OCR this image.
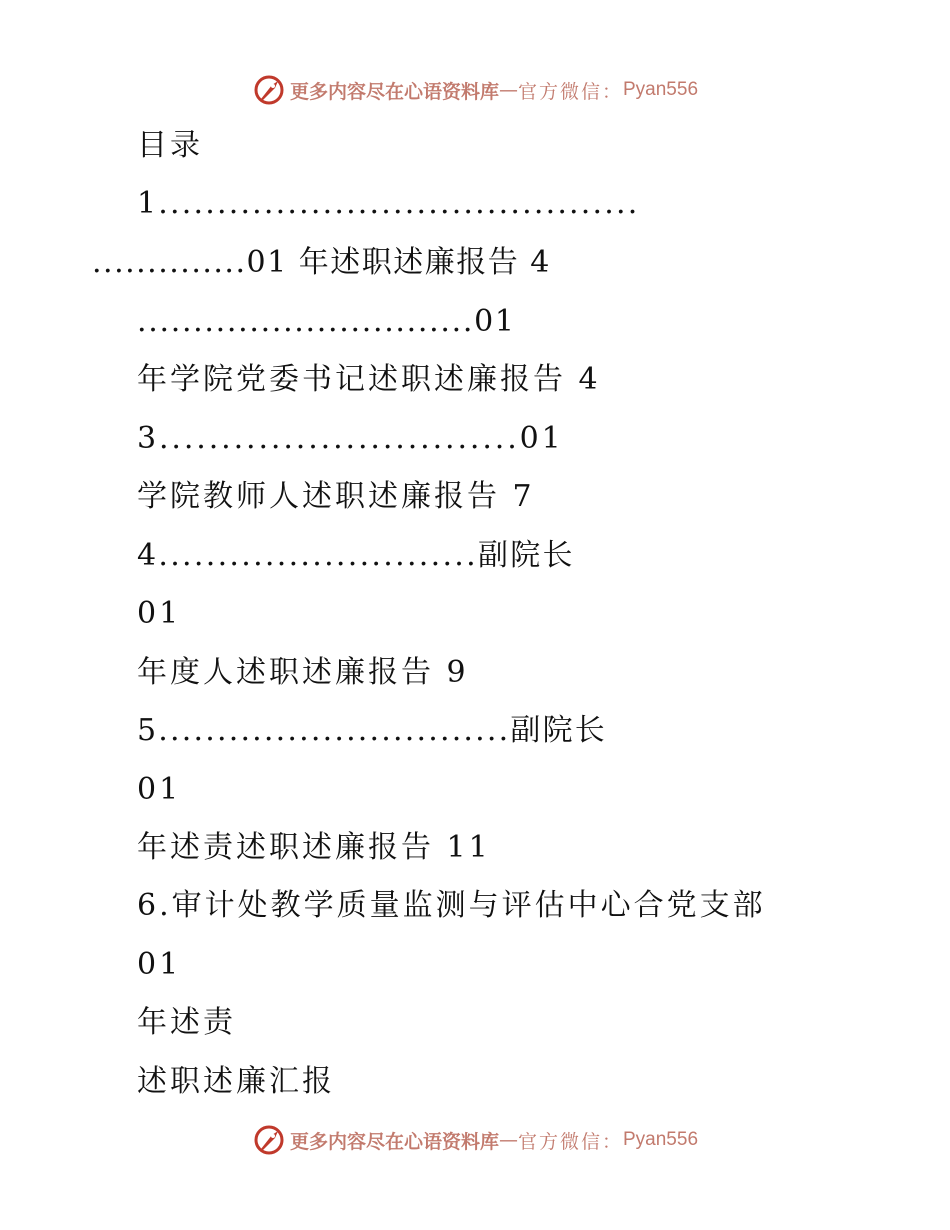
更多内容尽在心语资料库 — 官方微信： Pyan556
目录
1.........................................
..............01 年述职述廉报告 4
..............................01
年学院党委书记述职述廉报告 4
3.............................01
学院教师人述职述廉报告 7
4...........................副院长
01
年度人述职述廉报告 9
5..............................副院长
01
年述责述职述廉报告 11
6.审计处教学质量监测与评估中心合党支部
01
年述责
述职述廉汇报
更多内容尽在心语资料库 — 官方微信： Pyan556
